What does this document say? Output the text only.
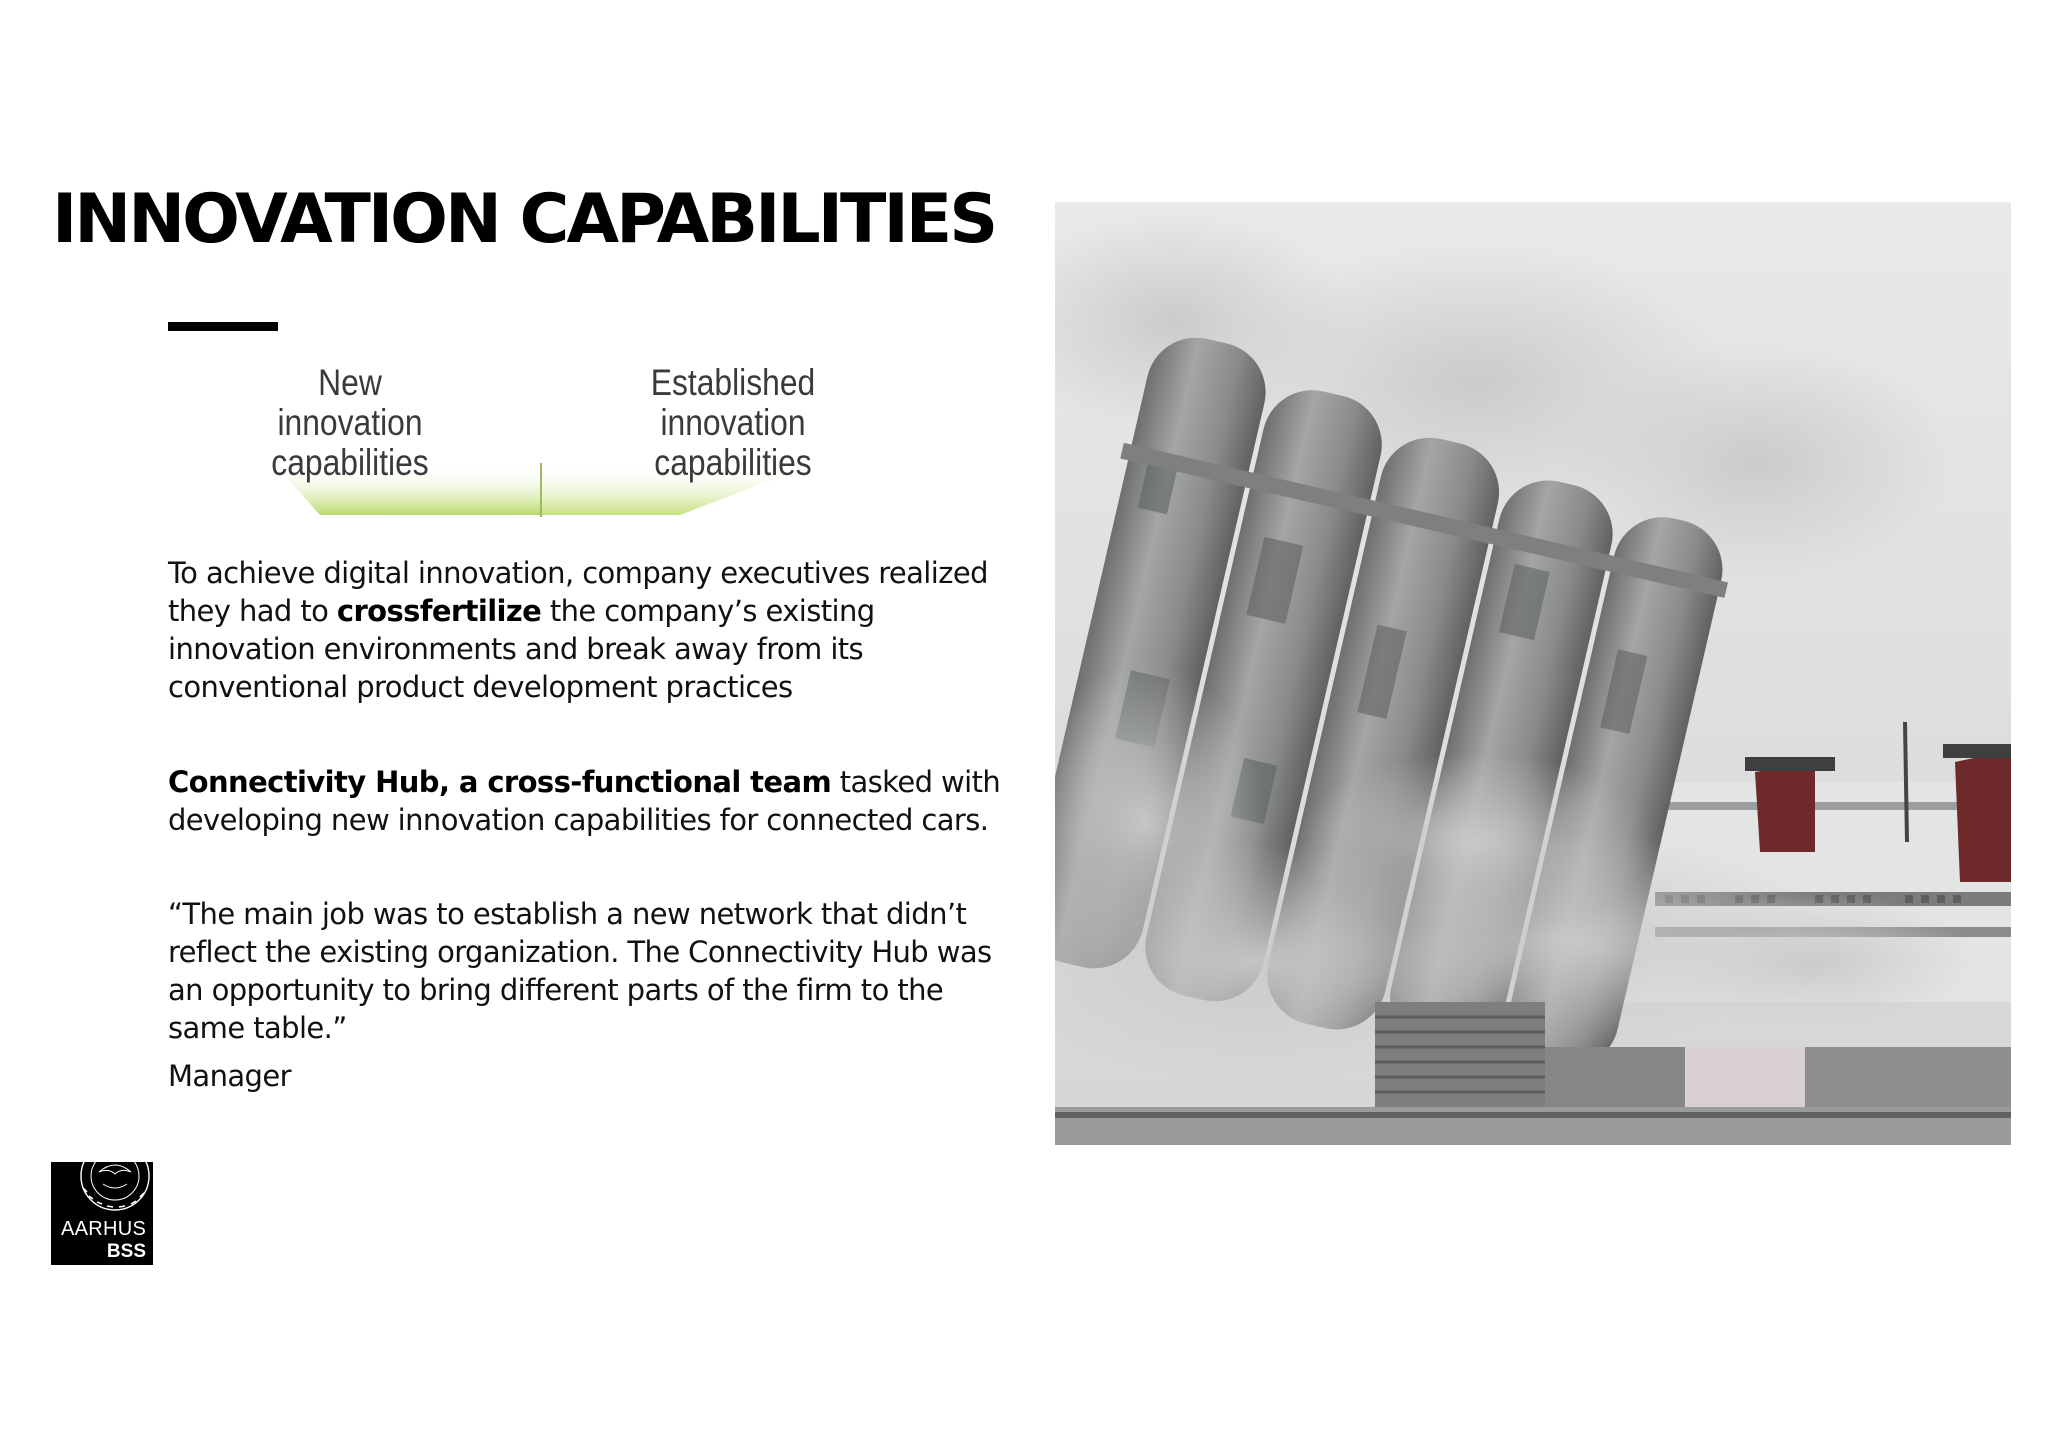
INNOVATION CAPABILITIES
New
innovation
capabilities
Established
innovation
capabilities
To achieve digital innovation, company executives realized they had to crossfertilize the company’s existing innovation environments and break away from its conventional product development practices
Connectivity Hub, a cross-functional team tasked with developing new innovation capabilities for connected cars.
“The main job was to establish a new network that didn’t reflect the existing organization. The Connectivity Hub was an opportunity to bring different parts of the firm to the same table.”
Manager
AARHUS
BSS
